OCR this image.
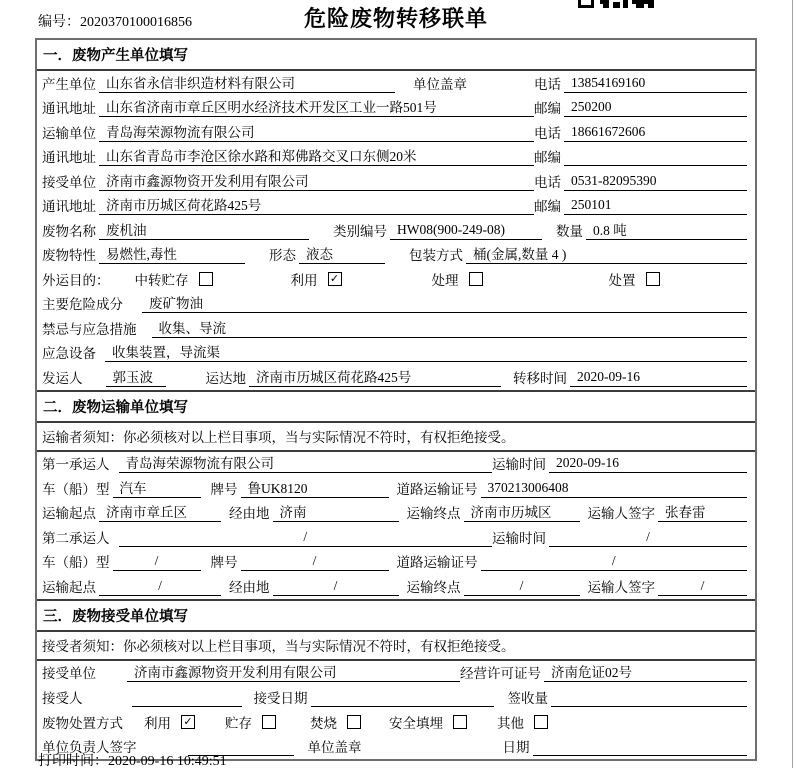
编号：2020370100016856	危险废物转移联单
一．废物产生单位填写
产生单位 山东省永信非织造材料有限公司	单位盖章	电话 13854169160
通讯地址 山东省济南市章丘区明水经济技术开发区工业一路501号	邮编 250200
运输单位 青岛海荣源物流有限公司	电话 18661672606
通讯地址 山东省青岛市李沧区徐水路和郑佛路交叉口东侧20米	邮编
接受单位 济南市鑫源物资开发利用有限公司	电话 0531-82095390
通讯地址 济南市历城区荷花路425号	邮编 250101
废物名称 废机油	类别编号 HW08(900-249-08)	数量 0.8 吨
废物特性 易燃性,毒性	形态 液态	包装方式 桶(金属,数量 4 )
外运目的： 中转贮存	利用 ✓	处理	处置
主要危险成分	废矿物油
禁忌与应急措施	收集、导流
应急设备	收集装置，导流渠
发运人	郭玉波	运达地 济南市历城区荷花路425号	转移时间 2020-09-16
二．废物运输单位填写
运输者须知：你必须核对以上栏目事项，当与实际情况不符时，有权拒绝接受。
第一承运人	青岛海荣源物流有限公司	运输时间 2020-09-16
车（船）型 汽车	牌号 鲁UK8120	道路运输证号 370213006408
运输起点 济南市章丘区	经由地 济南	运输终点 济南市历城区	运输人签字 张春雷
第二承运人	/	运输时间	/
车（船）型	/	牌号	/	道路运输证号	/
运输起点	/	经由地	/	运输终点	/	运输人签字	/
三．废物接受单位填写
接受者须知：你必须核对以上栏目事项，当与实际情况不符时，有权拒绝接受。
接受单位	济南市鑫源物资开发利用有限公司	经营许可证号 济南危证02号
接受人	接受日期	签收量
废物处置方式 利用 ✓ 贮存	焚烧	安全填埋	其他
单位负责人签字	单位盖章	日期
打印时间：2020-09-16 10:49:51
